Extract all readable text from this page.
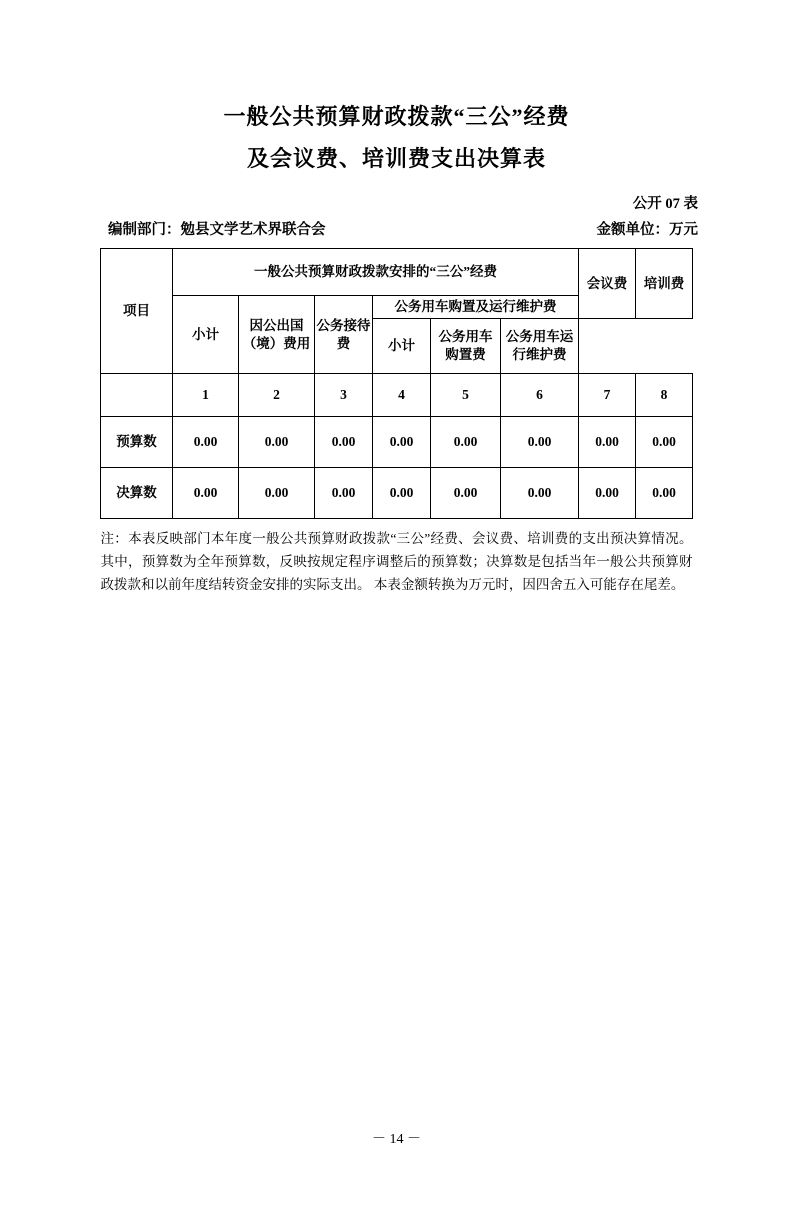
一般公共预算财政拨款“三公”经费
及会议费、培训费支出决算表
公开 07 表
编制部门：勉县文学艺术界联合会	金额单位：万元
项目	一般公共预算财政拨款安排的“三公”经费						会议费	培训费
	小计	因公出国（境）费用	公务接待费	公务用车购置及运行维护费				
				小计	公务用车购置费	公务用车运行维护费		
	1	2	3	4	5	6	7	8
预算数	0.00	0.00	0.00	0.00	0.00	0.00	0.00	0.00
决算数	0.00	0.00	0.00	0.00	0.00	0.00	0.00	0.00
注：本表反映部门本年度一般公共预算财政拨款“三公”经费、会议费、培训费的支出预决算情况。其中，预算数为全年预算数，反映按规定程序调整后的预算数；决算数是包括当年一般公共预算财政拨款和以前年度结转资金安排的实际支出。 本表金额转换为万元时，因四舍五入可能存在尾差。
－ 14 －
